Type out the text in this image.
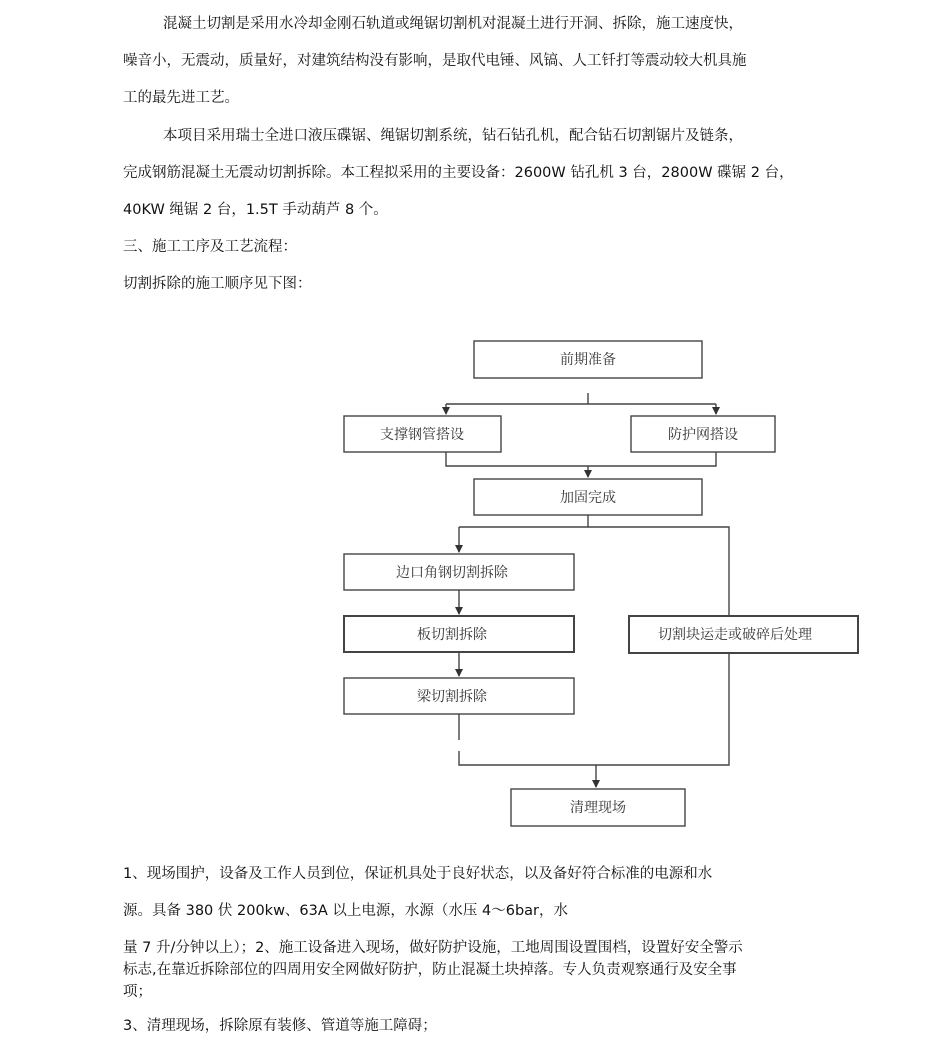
混凝土切割是采用水冷却金刚石轨道或绳锯切割机对混凝土进行开洞、拆除，施工速度快，
噪音小，无震动，质量好，对建筑结构没有影响，是取代电锤、风镐、人工钎打等震动较大机具施
工的最先进工艺。
本项目采用瑞士全进口液压碟锯、绳锯切割系统，钻石钻孔机，配合钻石切割锯片及链条，
完成钢筋混凝土无震动切割拆除。本工程拟采用的主要设备：2600W 钻孔机 3 台，2800W 碟锯 2 台，
40KW 绳锯 2 台，1.5T 手动葫芦 8 个。
三、施工工序及工艺流程：
切割拆除的施工顺序见下图：
前期准备
支撑钢管搭设	防护网搭设
加固完成
边口角钢切割拆除
板切割拆除
梁切割拆除
切割块运走或破碎后处理
清理现场
1、现场围护，设备及工作人员到位，保证机具处于良好状态，以及备好符合标准的电源和水
源。具备 380 伏 200kw、63A 以上电源，水源（水压 4～6bar，水
量 7 升/分钟以上）；2、施工设备进入现场，做好防护设施，工地周围设置围档，设置好安全警示
标志,在靠近拆除部位的四周用安全网做好防护，防止混凝土块掉落。专人负责观察通行及安全事
项；
3、清理现场，拆除原有装修、管道等施工障碍；
